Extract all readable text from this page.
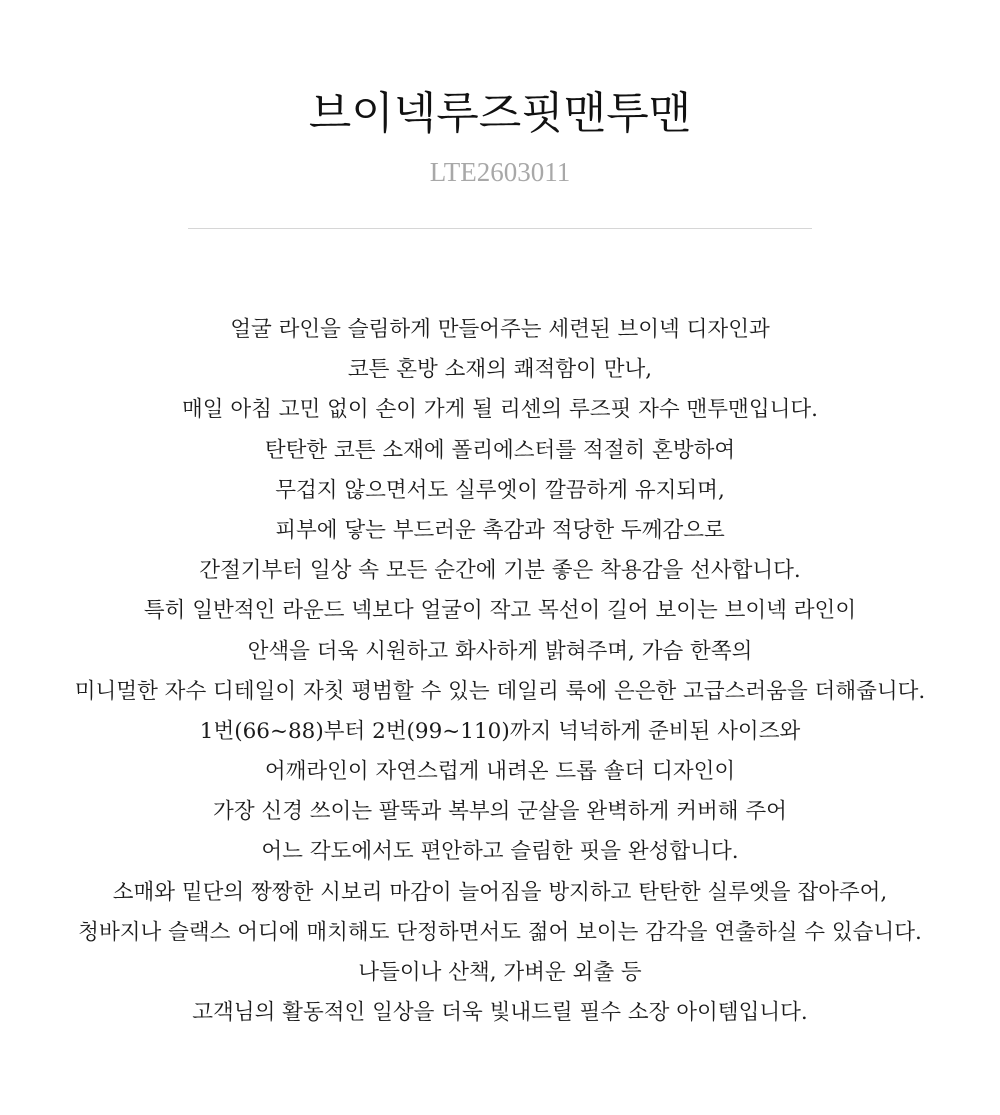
브이넥루즈핏맨투맨
LTE2603011
얼굴 라인을 슬림하게 만들어주는 세련된 브이넥 디자인과
코튼 혼방 소재의 쾌적함이 만나,
매일 아침 고민 없이 손이 가게 될 리센의 루즈핏 자수 맨투맨입니다.
탄탄한 코튼 소재에 폴리에스터를 적절히 혼방하여
무겁지 않으면서도 실루엣이 깔끔하게 유지되며,
피부에 닿는 부드러운 촉감과 적당한 두께감으로
간절기부터 일상 속 모든 순간에 기분 좋은 착용감을 선사합니다.
특히 일반적인 라운드 넥보다 얼굴이 작고 목선이 길어 보이는 브이넥 라인이
안색을 더욱 시원하고 화사하게 밝혀주며, 가슴 한쪽의
미니멀한 자수 디테일이 자칫 평범할 수 있는 데일리 룩에 은은한 고급스러움을 더해줍니다.
1번(66~88)부터 2번(99~110)까지 넉넉하게 준비된 사이즈와
어깨라인이 자연스럽게 내려온 드롭 숄더 디자인이
가장 신경 쓰이는 팔뚝과 복부의 군살을 완벽하게 커버해 주어
어느 각도에서도 편안하고 슬림한 핏을 완성합니다.
소매와 밑단의 짱짱한 시보리 마감이 늘어짐을 방지하고 탄탄한 실루엣을 잡아주어,
청바지나 슬랙스 어디에 매치해도 단정하면서도 젊어 보이는 감각을 연출하실 수 있습니다.
나들이나 산책, 가벼운 외출 등
고객님의 활동적인 일상을 더욱 빛내드릴 필수 소장 아이템입니다.
